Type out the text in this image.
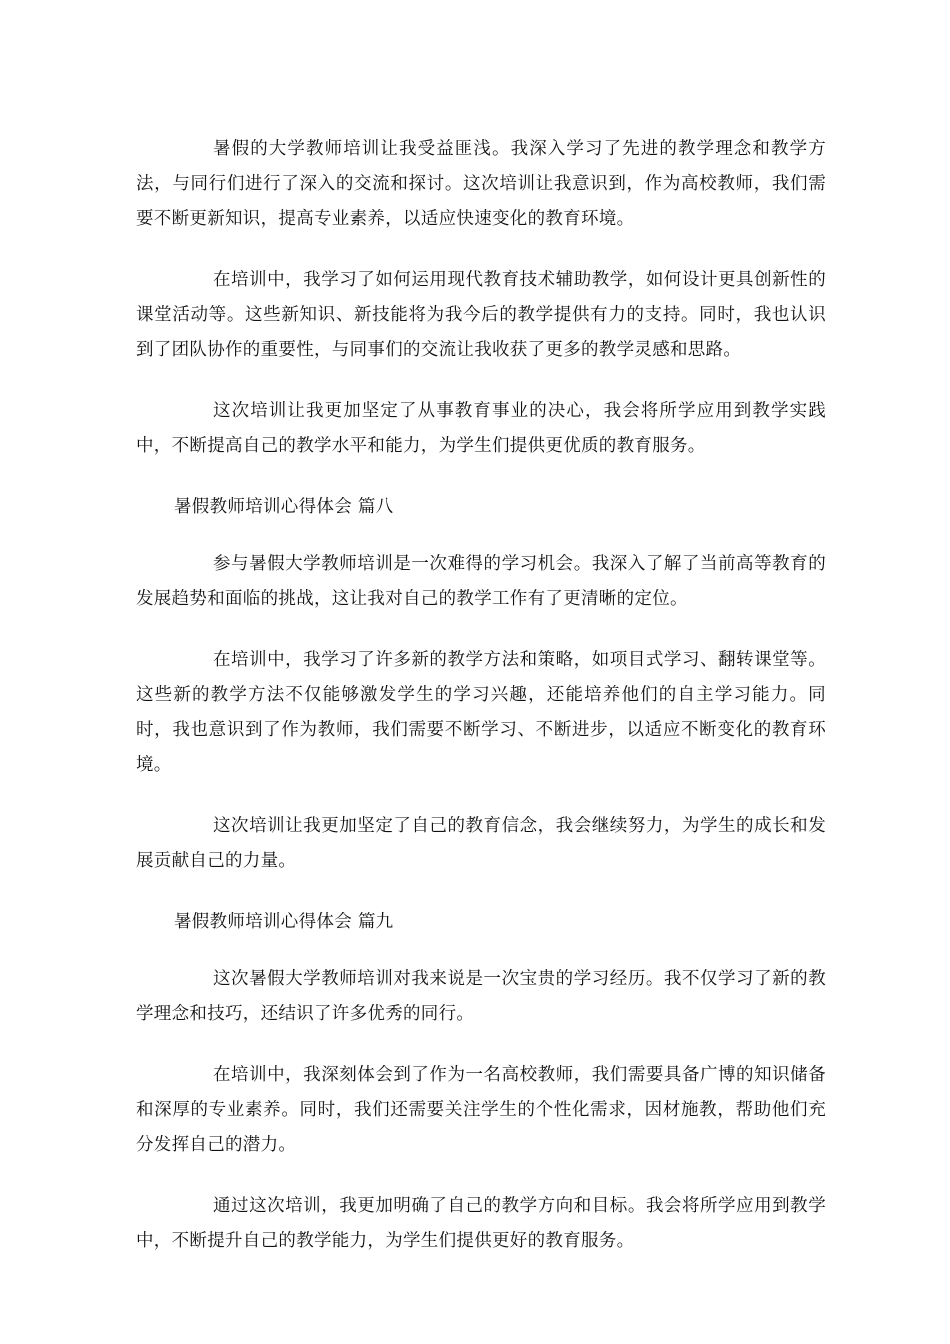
暑假的大学教师培训让我受益匪浅。我深入学习了先进的教学理念和教学方法，与同行们进行了深入的交流和探讨。这次培训让我意识到，作为高校教师，我们需要不断更新知识，提高专业素养，以适应快速变化的教育环境。

在培训中，我学习了如何运用现代教育技术辅助教学，如何设计更具创新性的课堂活动等。这些新知识、新技能将为我今后的教学提供有力的支持。同时，我也认识到了团队协作的重要性，与同事们的交流让我收获了更多的教学灵感和思路。

这次培训让我更加坚定了从事教育事业的决心，我会将所学应用到教学实践中，不断提高自己的教学水平和能力，为学生们提供更优质的教育服务。

暑假教师培训心得体会 篇八

参与暑假大学教师培训是一次难得的学习机会。我深入了解了当前高等教育的发展趋势和面临的挑战，这让我对自己的教学工作有了更清晰的定位。

在培训中，我学习了许多新的教学方法和策略，如项目式学习、翻转课堂等。这些新的教学方法不仅能够激发学生的学习兴趣，还能培养他们的自主学习能力。同时，我也意识到了作为教师，我们需要不断学习、不断进步，以适应不断变化的教育环境。

这次培训让我更加坚定了自己的教育信念，我会继续努力，为学生的成长和发展贡献自己的力量。

暑假教师培训心得体会 篇九

这次暑假大学教师培训对我来说是一次宝贵的学习经历。我不仅学习了新的教学理念和技巧，还结识了许多优秀的同行。

在培训中，我深刻体会到了作为一名高校教师，我们需要具备广博的知识储备和深厚的专业素养。同时，我们还需要关注学生的个性化需求，因材施教，帮助他们充分发挥自己的潜力。

通过这次培训，我更加明确了自己的教学方向和目标。我会将所学应用到教学中，不断提升自己的教学能力，为学生们提供更好的教育服务。
